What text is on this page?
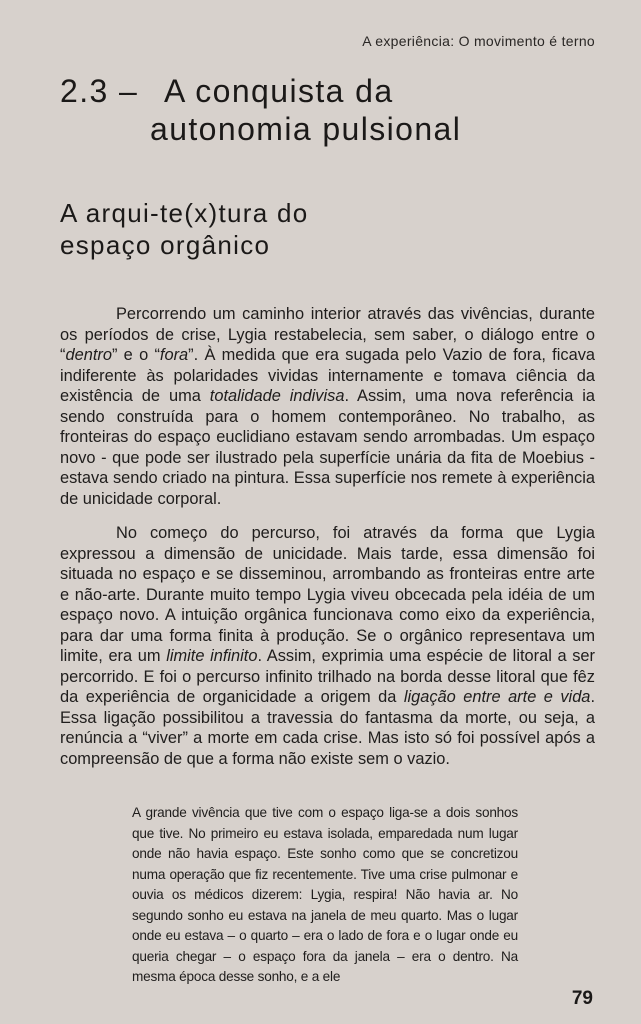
A experiência: O movimento é terno
2.3 – A conquista da
autonomia pulsional
A arqui-te(x)tura do
espaço orgânico

Percorrendo um caminho interior através das vivências, durante os períodos de crise, Lygia restabelecia, sem saber, o diálogo entre o “dentro” e o “fora”. À medida que era sugada pelo Vazio de fora, ficava indiferente às polaridades vividas internamente e tomava ciência da existência de uma totalidade indivisa. Assim, uma nova referência ia sendo construída para o homem contemporâneo. No trabalho, as fronteiras do espaço euclidiano estavam sendo arrombadas. Um espaço novo - que pode ser ilustrado pela superfície unária da fita de Moebius - estava sendo criado na pintura. Essa superfície nos remete à experiência de unicidade corporal.

No começo do percurso, foi através da forma que Lygia expressou a dimensão de unicidade. Mais tarde, essa dimensão foi situada no espaço e se disseminou, arrombando as fronteiras entre arte e não-arte. Durante muito tempo Lygia viveu obcecada pela idéia de um espaço novo. A intuição orgânica funcionava como eixo da experiência, para dar uma forma finita à produção. Se o orgânico representava um limite, era um limite infinito. Assim, exprimia uma espécie de litoral a ser percorrido. E foi o percurso infinito trilhado na borda desse litoral que fêz da experiência de organicidade a origem da ligação entre arte e vida. Essa ligação possibilitou a travessia do fantasma da morte, ou seja, a renúncia a “viver” a morte em cada crise. Mas isto só foi possível após a compreensão de que a forma não existe sem o vazio.

A grande vivência que tive com o espaço liga-se a dois sonhos que tive. No primeiro eu estava isolada, emparedada num lugar onde não havia espaço. Este sonho como que se concretizou numa operação que fiz recentemente. Tive uma crise pulmonar e ouvia os médicos dizerem: Lygia, respira! Não havia ar. No segundo sonho eu estava na janela de meu quarto. Mas o lugar onde eu estava – o quarto – era o lado de fora e o lugar onde eu queria chegar – o espaço fora da janela – era o dentro. Na mesma época desse sonho, e a ele

79
